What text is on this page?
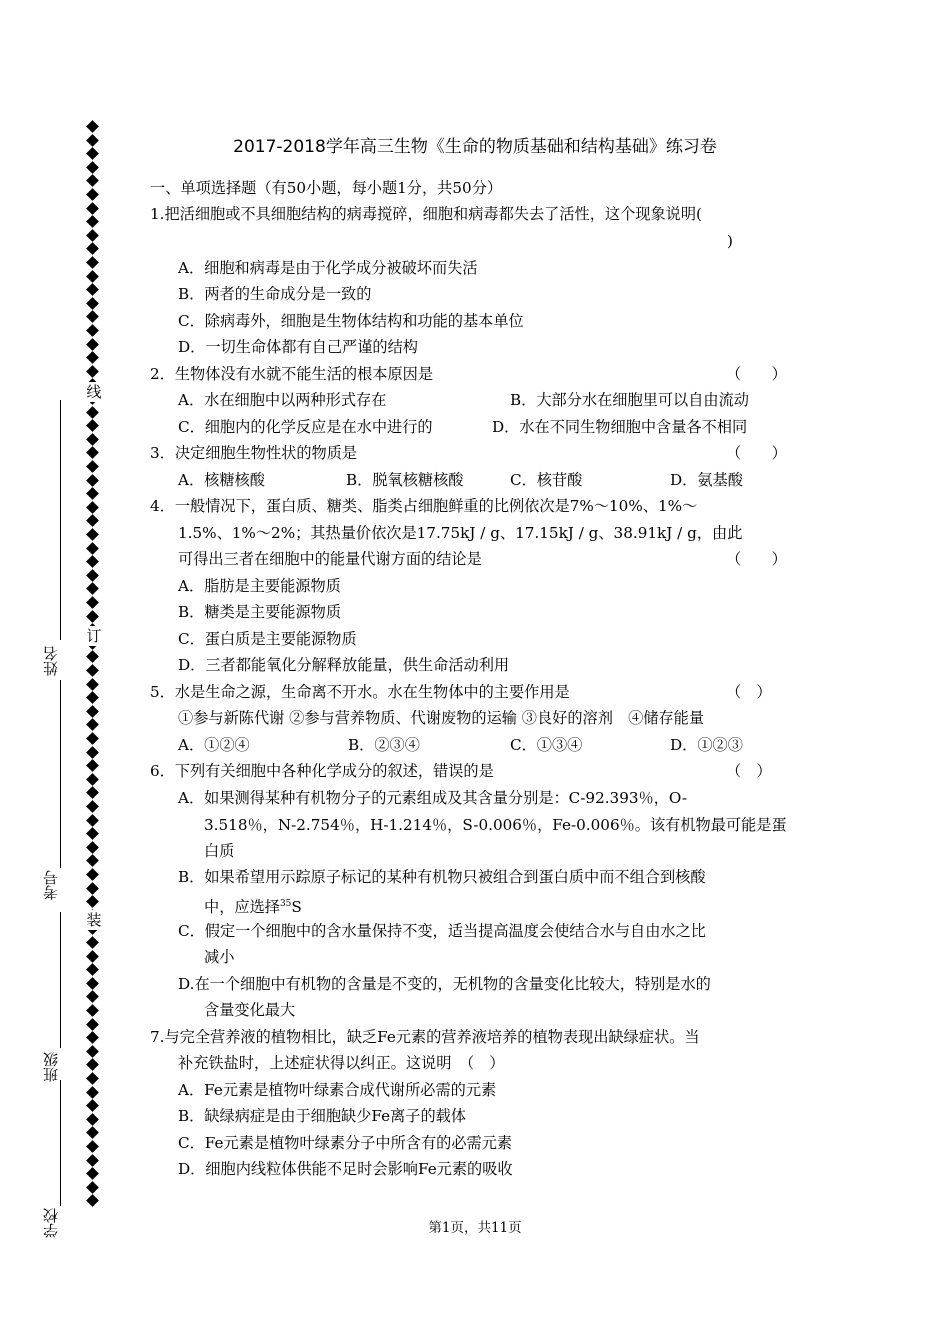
线
订
装
学校
班级
考号
姓名
2017-2018学年高三生物《生命的物质基础和结构基础》练习卷
一、单项选择题（有50小题，每小题1分，共50分）
1.把活细胞或不具细胞结构的病毒搅碎，细胞和病毒都失去了活性，这个现象说明(
)
A．细胞和病毒是由于化学成分被破坏而失活
B．两者的生命成分是一致的
C．除病毒外，细胞是生物体结构和功能的基本单位
D．一切生命体都有自己严谨的结构
2．生物体没有水就不能生活的根本原因是	（　　）
A．水在细胞中以两种形式存在	B．大部分水在细胞里可以自由流动
C．细胞内的化学反应是在水中进行的	D．水在不同生物细胞中含量各不相同
3．决定细胞生物性状的物质是	（　　）
A．核糖核酸	B．脱氧核糖核酸	C．核苷酸	D．氨基酸
4．一般情况下，蛋白质、糖类、脂类占细胞鲜重的比例依次是7%～10%、1%～
1.5%、1%～2%；其热量价依次是17.75kJ / g、17.15kJ / g、38.91kJ / g，由此
可得出三者在细胞中的能量代谢方面的结论是	（　　）
A．脂肪是主要能源物质
B．糖类是主要能源物质
C．蛋白质是主要能源物质
D．三者都能氧化分解释放能量，供生命活动利用
5．水是生命之源，生命离不开水。水在生物体中的主要作用是	（　）
①参与新陈代谢 ②参与营养物质、代谢废物的运输 ③良好的溶剂　④储存能量
A．①②④	B．②③④	C．①③④	D．①②③
6．下列有关细胞中各种化学成分的叙述，错误的是	（　）
A．如果测得某种有机物分子的元素组成及其含量分别是：C-92.393％，O-
3.518％，N-2.754％，H-1.214％，S-0.006％，Fe-0.006％。该有机物最可能是蛋
白质
B．如果希望用示踪原子标记的某种有机物只被组合到蛋白质中而不组合到核酸
中，应选择$^{35}$S
C．假定一个细胞中的含水量保持不变，适当提高温度会使结合水与自由水之比
减小
D.在一个细胞中有机物的含量是不变的，无机物的含量变化比较大，特别是水的
含量变化最大
7.与完全营养液的植物相比，缺乏Fe元素的营养液培养的植物表现出缺绿症状。当
补充铁盐时，上述症状得以纠正。这说明　（　）
A．Fe元素是植物叶绿素合成代谢所必需的元素
B．缺绿病症是由于细胞缺少Fe离子的载体
C．Fe元素是植物叶绿素分子中所含有的必需元素
D．细胞内线粒体供能不足时会影响Fe元素的吸收
第1页，共11页
